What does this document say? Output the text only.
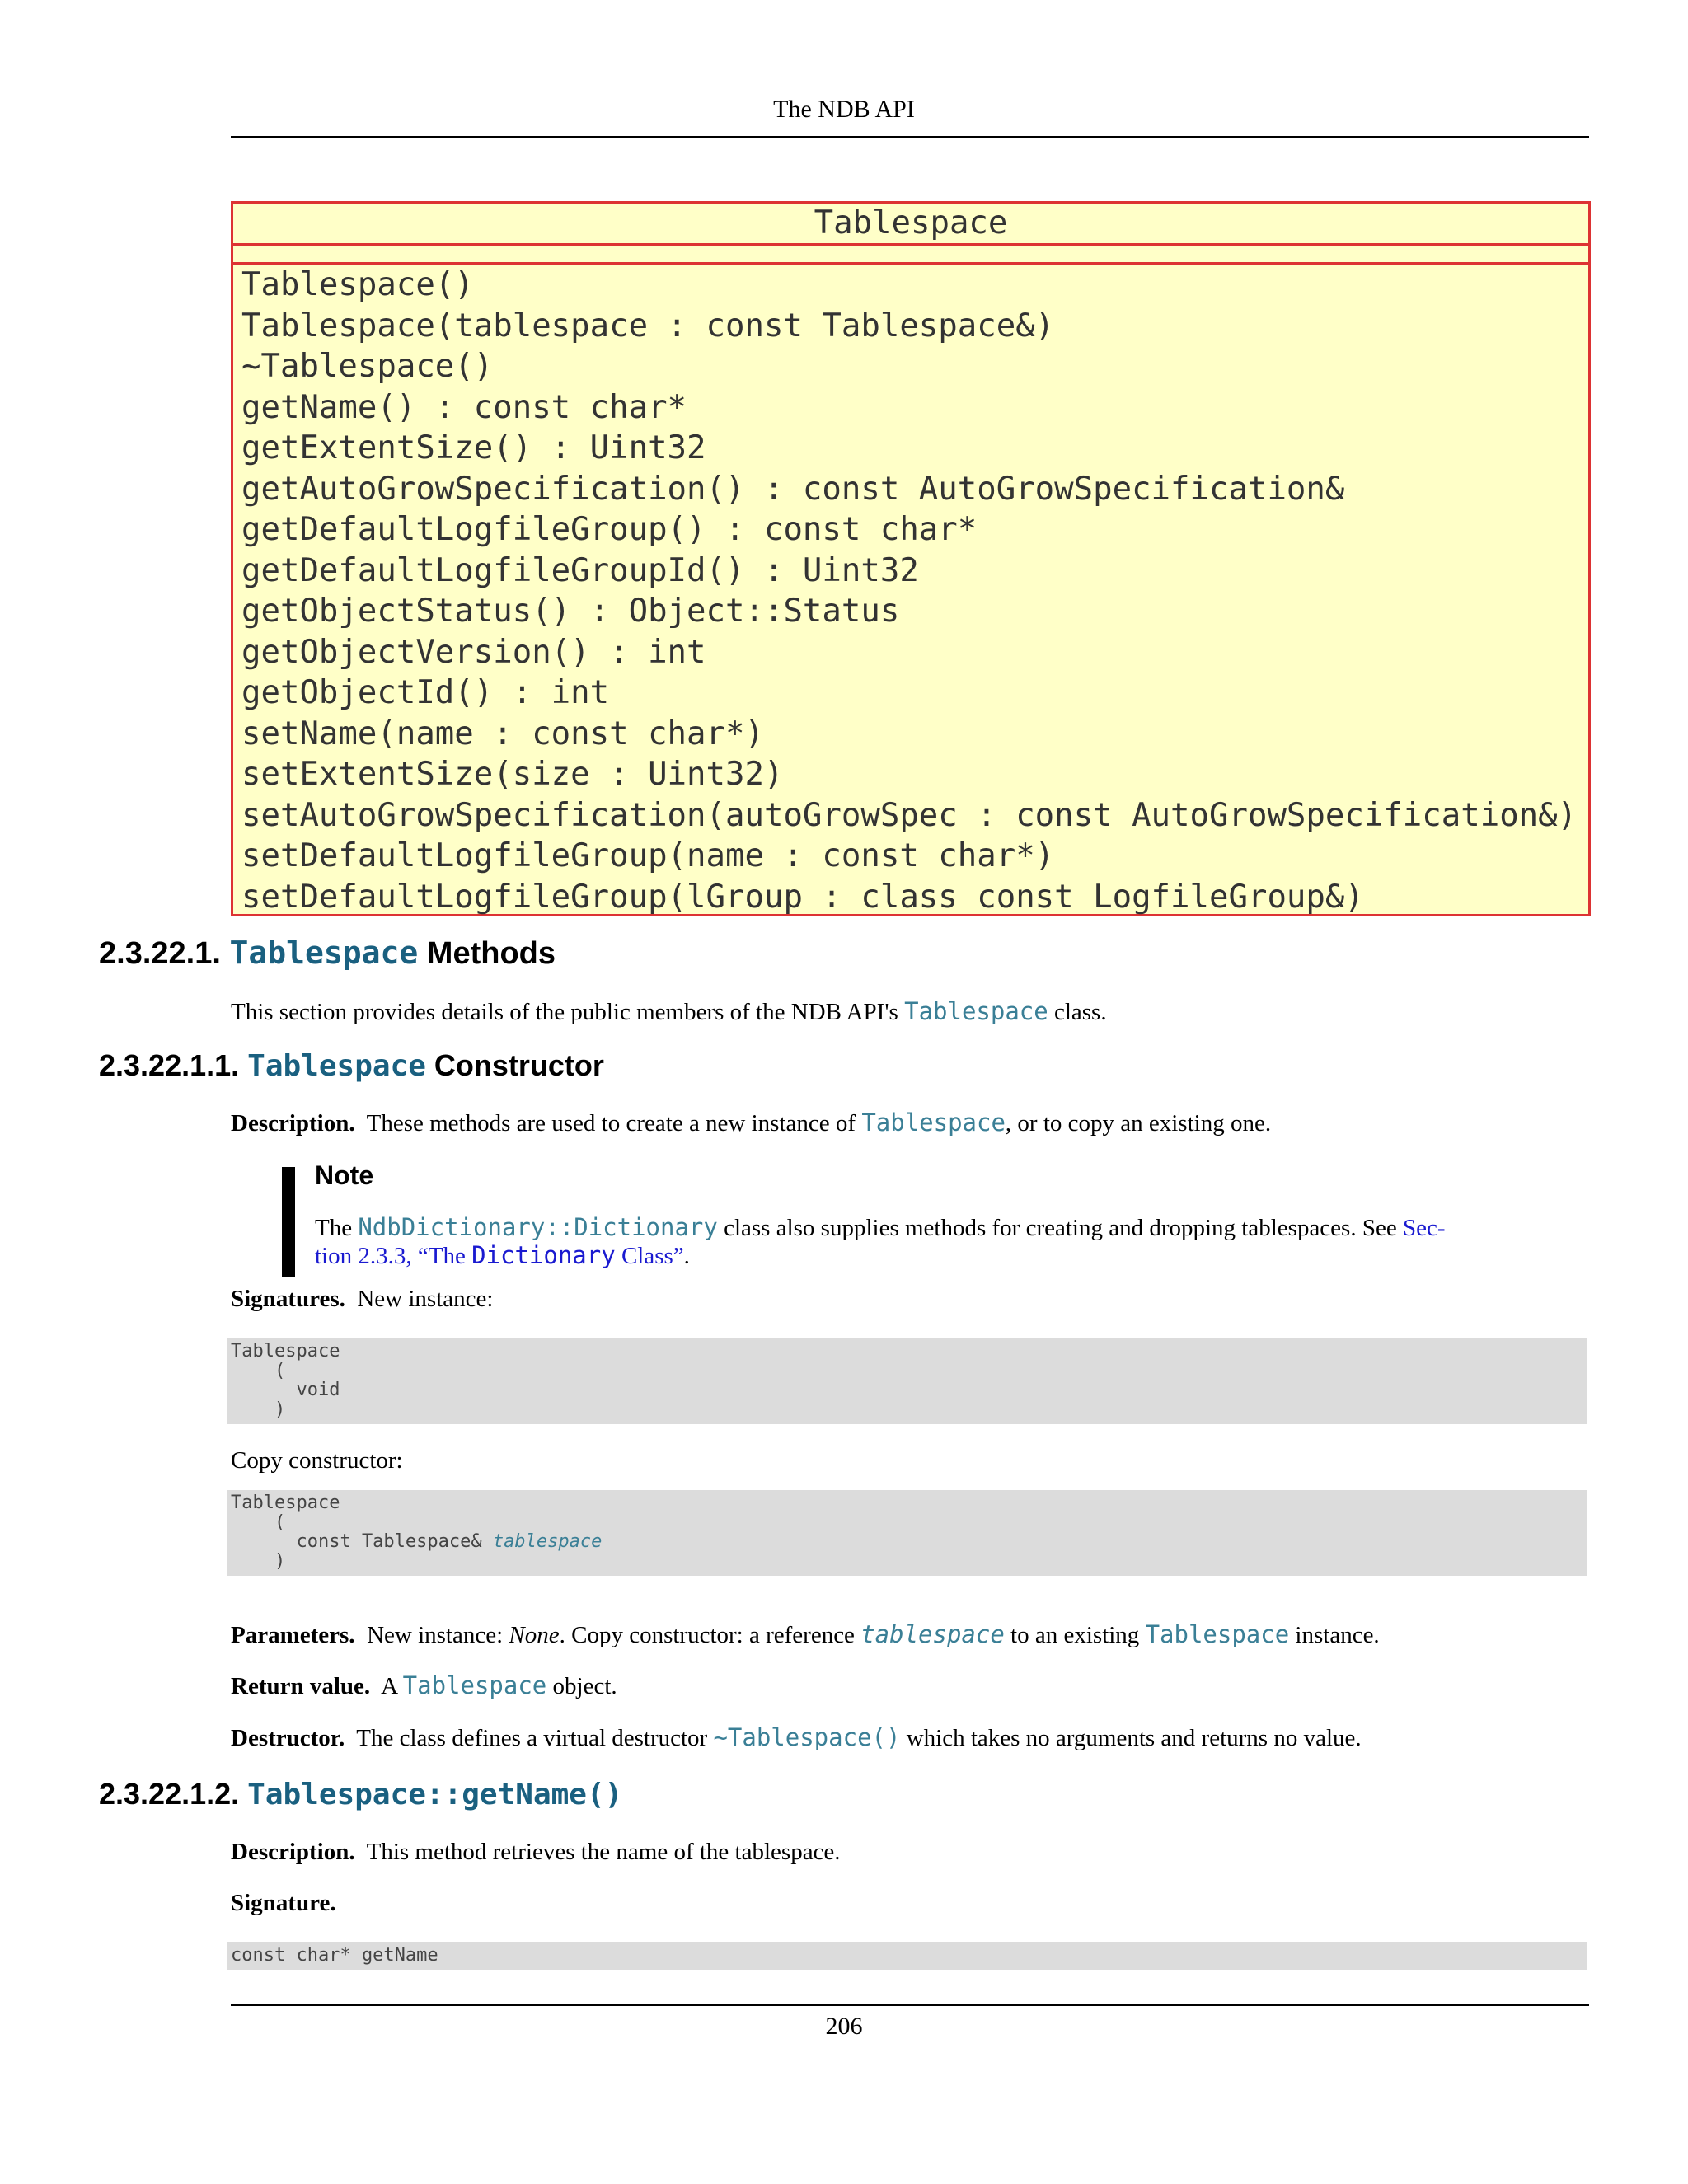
The NDB API
Tablespace
Tablespace()
Tablespace(tablespace : const Tablespace&)
~Tablespace()
getName() : const char*
getExtentSize() : Uint32
getAutoGrowSpecification() : const AutoGrowSpecification&
getDefaultLogfileGroup() : const char*
getDefaultLogfileGroupId() : Uint32
getObjectStatus() : Object::Status
getObjectVersion() : int
getObjectId() : int
setName(name : const char*)
setExtentSize(size : Uint32)
setAutoGrowSpecification(autoGrowSpec : const AutoGrowSpecification&)
setDefaultLogfileGroup(name : const char*)
setDefaultLogfileGroup(lGroup : class const LogfileGroup&)
2.3.22.1. Tablespace Methods
This section provides details of the public members of the NDB API's Tablespace class.
2.3.22.1.1. Tablespace Constructor
Description. These methods are used to create a new instance of Tablespace, or to copy an existing one.
Note
The NdbDictionary::Dictionary class also supplies methods for creating and dropping tablespaces. See Sec-
tion 2.3.3, “The Dictionary Class”.
Signatures. New instance:
Tablespace
(
void
)
Copy constructor:
Tablespace
(
const Tablespace& tablespace
)
Parameters. New instance: None. Copy constructor: a reference tablespace to an existing Tablespace instance.
Return value. A Tablespace object.
Destructor. The class defines a virtual destructor ~Tablespace() which takes no arguments and returns no value.
2.3.22.1.2. Tablespace::getName()
Description. This method retrieves the name of the tablespace.
Signature.
const char* getName
206
